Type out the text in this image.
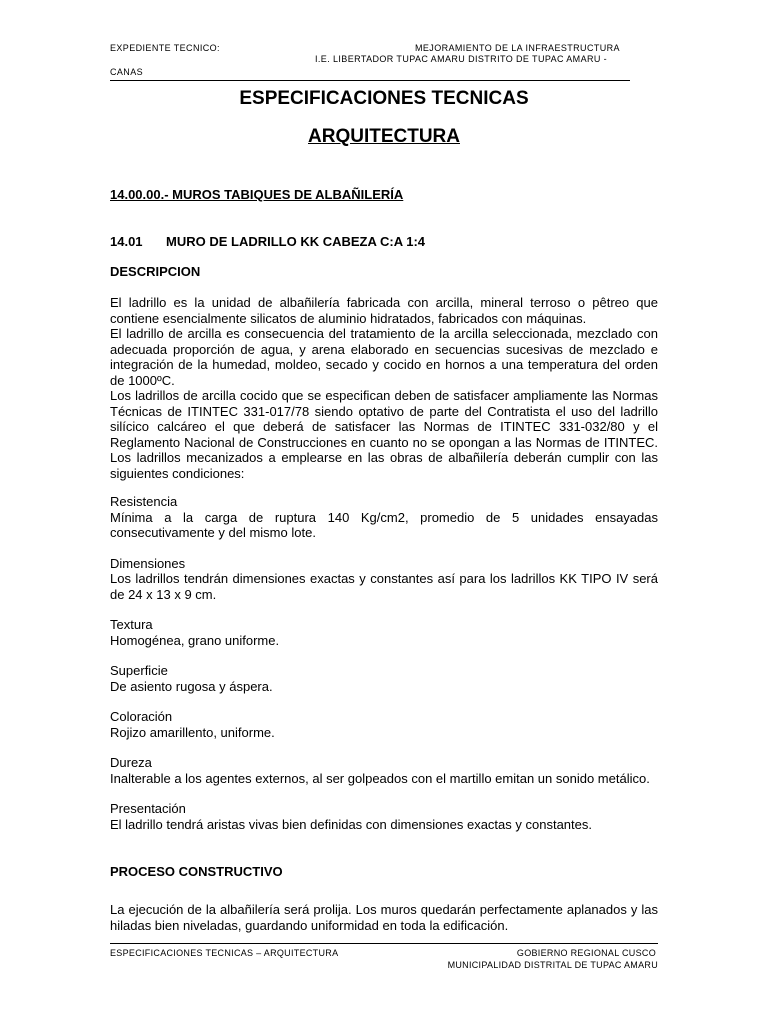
EXPEDIENTE TECNICO:	MEJORAMIENTO DE LA INFRAESTRUCTURA
I.E. LIBERTADOR TUPAC AMARU DISTRITO DE TUPAC AMARU -
CANAS
ESPECIFICACIONES TECNICAS
ARQUITECTURA
14.00.00.- MUROS TABIQUES DE ALBAÑILERÍA
14.01 MURO DE LADRILLO KK CABEZA C:A 1:4
DESCRIPCION

El ladrillo es la unidad de albañilería fabricada con arcilla, mineral terroso o pêtreo que contiene esencialmente silicatos de aluminio hidratados, fabricados con máquinas.

El ladrillo de arcilla es consecuencia del tratamiento de la arcilla seleccionada, mezclado con adecuada proporción de agua, y arena elaborado en secuencias sucesivas de mezclado e integración de la humedad, moldeo, secado y cocido en hornos a una temperatura del orden de 1000ºC.

Los ladrillos de arcilla cocido que se especifican deben de satisfacer ampliamente las Normas Técnicas de ITINTEC 331-017/78 siendo optativo de parte del Contratista el uso del ladrillo silícico calcáreo el que deberá de satisfacer las Normas de ITINTEC 331-032/80 y el Reglamento Nacional de Construcciones en cuanto no se opongan a las Normas de ITINTEC. Los ladrillos mecanizados a emplearse en las obras de albañilería deberán cumplir con las siguientes condiciones:

Resistencia
Mínima a la carga de ruptura 140 Kg/cm2, promedio de 5 unidades ensayadas consecutivamente y del mismo lote.
Dimensiones
Los ladrillos tendrán dimensiones exactas y constantes así para los ladrillos KK TIPO IV será de 24 x 13 x 9 cm.
Textura
Homogénea, grano uniforme.
Superficie
De asiento rugosa y áspera.
Coloración
Rojizo amarillento, uniforme.
Dureza
Inalterable a los agentes externos, al ser golpeados con el martillo emitan un sonido metálico.
Presentación
El ladrillo tendrá aristas vivas bien definidas con dimensiones exactas y constantes.
PROCESO CONSTRUCTIVO

La ejecución de la albañilería será prolija. Los muros quedarán perfectamente aplanados y las hiladas bien niveladas, guardando uniformidad en toda la edificación.

ESPECIFICACIONES TECNICAS – ARQUITECTURA	GOBIERNO REGIONAL CUSCO
MUNICIPALIDAD DISTRITAL DE TUPAC AMARU
